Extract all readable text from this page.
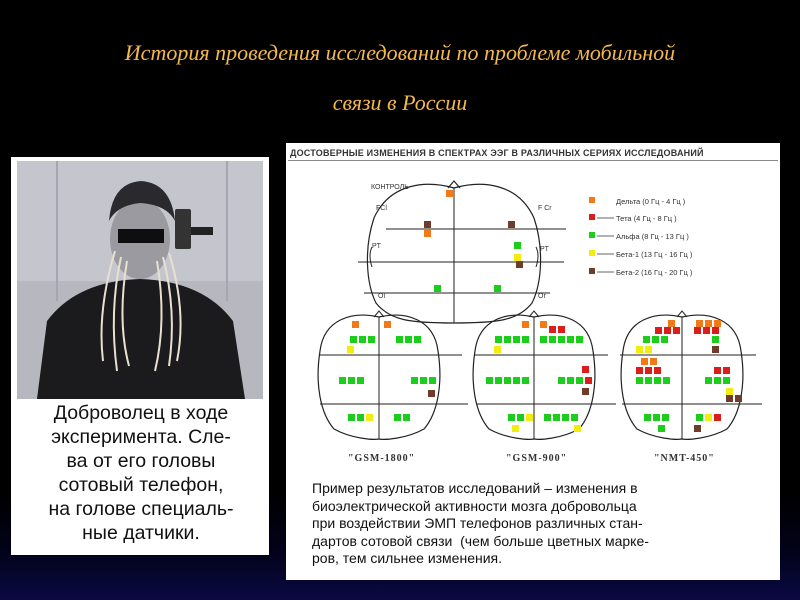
История проведения исследований по проблеме мобильной
связи в России
Доброволец в ходе
эксперимента. Сле-
ва от его головы
сотовый телефон,
на голове специаль-
ные датчики.
ДОСТОВЕРНЫЕ ИЗМЕНЕНИЯ В СПЕКТРАХ ЭЭГ В РАЗЛИЧНЫХ СЕРИЯХ ИССЛЕДОВАНИЙ
КОНТРОЛЬ
FCl	F Cr
PT	PT
Ol	Or
Дельта (0 Гц - 4 Гц )
Тета (4 Гц - 8 Гц )
Альфа (8 Гц - 13 Гц )
Бета-1 (13 Гц - 16 Гц )
Бета-2 (16 Гц - 20 Гц )
"GSM-1800"	"GSM-900"	"NMT-450"
Пример результатов исследований – изменения в
биоэлектрической активности мозга добровольца
при воздействии ЭМП телефонов различных стан-
дартов сотовой связи  (чем больше цветных марке-
ров, тем сильнее изменения.
